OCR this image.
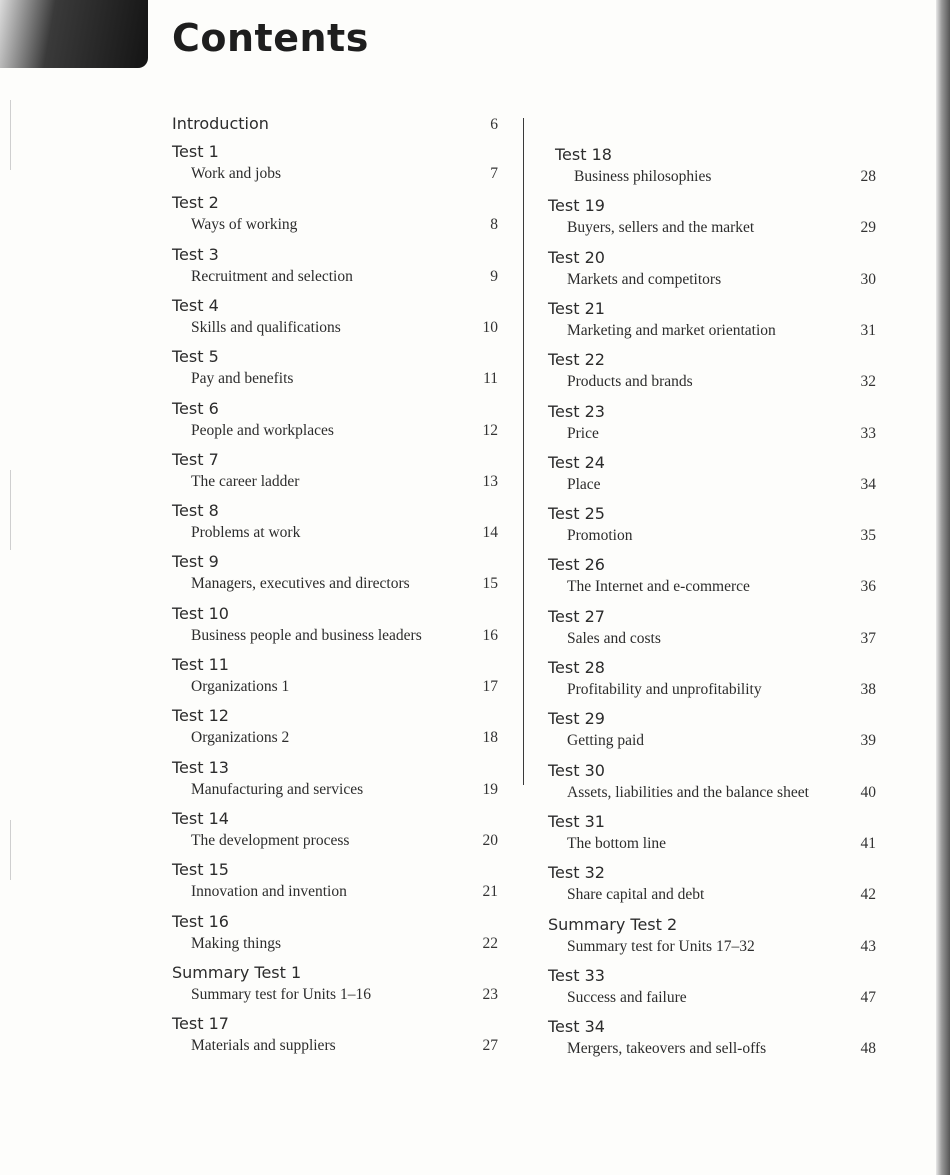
Contents
Introduction	6
Test 1
Work and jobs	7
Test 2
Ways of working	8
Test 3
Recruitment and selection	9
Test 4
Skills and qualifications	10
Test 5
Pay and benefits	11
Test 6
People and workplaces	12
Test 7
The career ladder	13
Test 8
Problems at work	14
Test 9
Managers, executives and directors	15
Test 10
Business people and business leaders	16
Test 11
Organizations 1	17
Test 12
Organizations 2	18
Test 13
Manufacturing and services	19
Test 14
The development process	20
Test 15
Innovation and invention	21
Test 16
Making things	22
Summary Test 1
Summary test for Units 1–16	23
Test 17
Materials and suppliers	27
Test 18
Business philosophies	28
Test 19
Buyers, sellers and the market	29
Test 20
Markets and competitors	30
Test 21
Marketing and market orientation	31
Test 22
Products and brands	32
Test 23
Price	33
Test 24
Place	34
Test 25
Promotion	35
Test 26
The Internet and e-commerce	36
Test 27
Sales and costs	37
Test 28
Profitability and unprofitability	38
Test 29
Getting paid	39
Test 30
Assets, liabilities and the balance sheet	40
Test 31
The bottom line	41
Test 32
Share capital and debt	42
Summary Test 2
Summary test for Units 17–32	43
Test 33
Success and failure	47
Test 34
Mergers, takeovers and sell-offs	48
